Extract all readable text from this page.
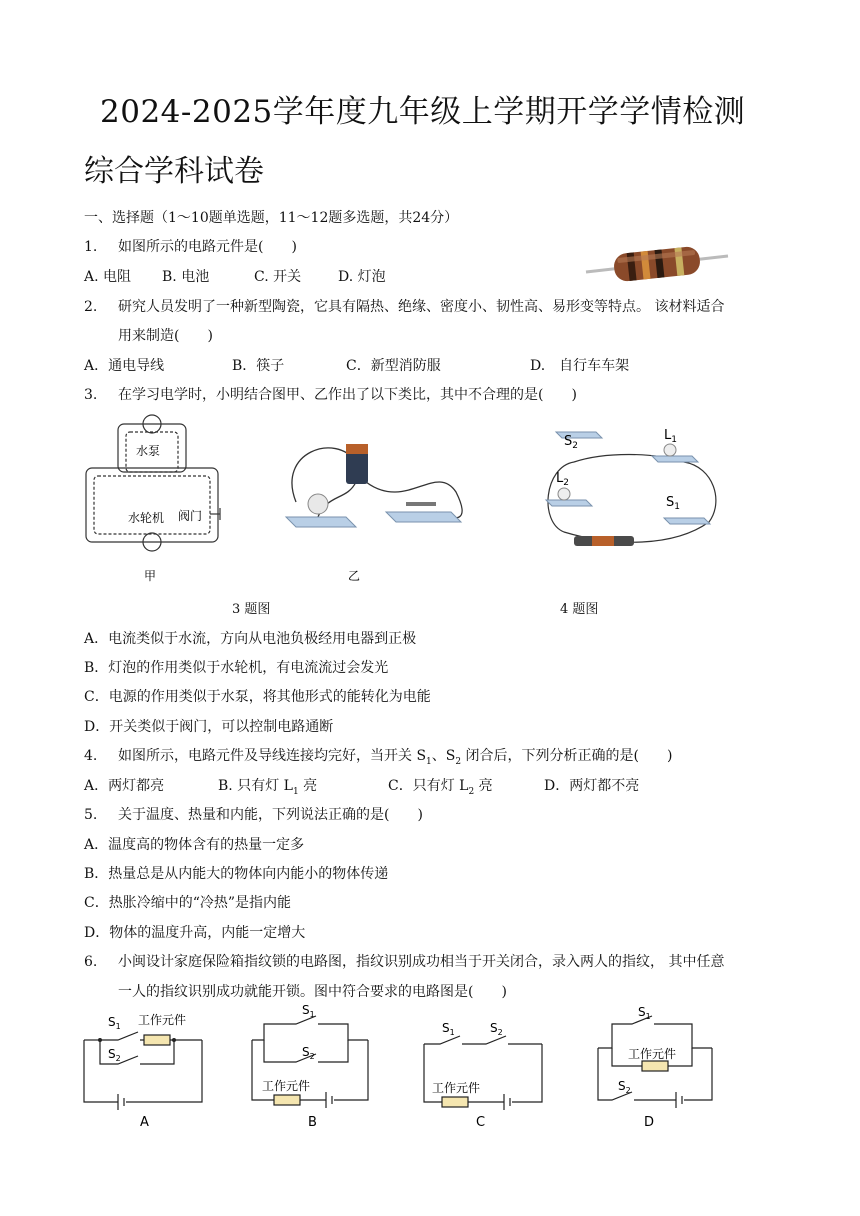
2024-2025学年度九年级上学期开学学情检测
综合学科试卷
一、选择题（1～10题单选题，11～12题多选题，共24分）
1. 如图所示的电路元件是(　　)
A. 电阻 B. 电池	C. 开关	D. 灯泡
2. 研究人员发明了一种新型陶瓷，它具有隔热、绝缘、密度小、韧性高、易形变等特点。 该材料适合
用来制造(　　)
A．通电导线	B．筷子	C．新型消防服	D.　自行车车架
3. 在学习电学时，小明结合图甲、乙作出了以下类比，其中不合理的是(　　)
水泵
水轮机 阀门
甲	乙
$S_2$
$L_1$
$L_2$
$S_1$
3 题图	4 题图
A．电流类似于水流，方向从电池负极经用电器到正极
B．灯泡的作用类似于水轮机，有电流流过会发光
C．电源的作用类似于水泵，将其他形式的能转化为电能
D．开关类似于阀门，可以控制电路通断
4. 如图所示，电路元件及导线连接均完好，当开关 $S_1$、$S_2$ 闭合后，下列分析正确的是(　　)
A．两灯都亮	B. 只有灯 $L_1$ 亮	C．只有灯 $L_2$ 亮	D．两灯都不亮
5. 关于温度、热量和内能，下列说法正确的是(　　)
A．温度高的物体含有的热量一定多
B．热量总是从内能大的物体向内能小的物体传递
C．热胀冷缩中的“冷热”是指内能
D．物体的温度升高，内能一定增大
6. 小闽设计家庭保险箱指纹锁的电路图，指纹识别成功相当于开关闭合，录入两人的指纹， 其中任意
一人的指纹识别成功就能开锁。图中符合要求的电路图是(　　)
$S_1$
$S_2$
工作元件
A
$S_1$
$S_2$
工作元件
B
$S_1$	$S_2$
工作元件
C
$S_1$
$S_2$
工作元件
D
